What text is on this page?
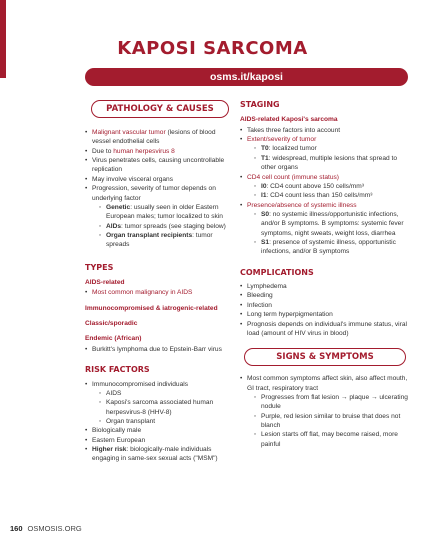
KAPOSI SARCOMA
osms.it/kaposi
PATHOLOGY & CAUSES
• Malignant vascular tumor (lesions of blood vessel endothelial cells
• Due to human herpesvirus 8
• Virus penetrates cells, causing uncontrollable replication
• May involve visceral organs
• Progression, severity of tumor depends on underlying factor
◦ Genetic: usually seen in older Eastern European males; tumor localized to skin
◦ AIDs: tumor spreads (see staging below)
◦ Organ transplant recipients: tumor spreads
TYPES
AIDS-related
• Most common malignancy in AIDS
Immunocompromised & iatrogenic-related
Classic/sporadic
Endemic (African)
• Burkitt's lymphoma due to Epstein-Barr virus
RISK FACTORS
• Immunocompromised individuals
◦ AIDS
◦ Kaposi's sarcoma associated human herpesvirus-8 (HHV-8)
◦ Organ transplant
• Biologically male
• Eastern European
• Higher risk: biologically-male individuals engaging in same-sex sexual acts ("MSM")
STAGING
AIDS-related Kaposi's sarcoma
• Takes three factors into account
• Extent/severity of tumor
◦ T0: localized tumor
◦ T1: widespread, multiple lesions that spread to other organs
• CD4 cell count (immune status)
◦ I0: CD4 count above 150 cells/mm³
◦ I1: CD4 count less than 150 cells/mm³
• Presence/absence of systemic illness
◦ S0: no systemic illness/opportunistic infections, and/or B symptoms. B symptoms: systemic fever symptoms, night sweats, weight loss, diarrhea
◦ S1: presence of systemic illness, opportunistic infections, and/or B symptoms
COMPLICATIONS
• Lymphedema
• Bleeding
• Infection
• Long term hyperpigmentation
• Prognosis depends on individual's immune status, viral load (amount of HIV virus in blood)
SIGNS & SYMPTOMS
• Most common symptoms affect skin, also affect mouth, GI tract, respiratory tract
◦ Progresses from flat lesion → plaque → ulcerating nodule
◦ Purple, red lesion similar to bruise that does not blanch
◦ Lesion starts off flat, may become raised, more painful
160 OSMOSIS.ORG
